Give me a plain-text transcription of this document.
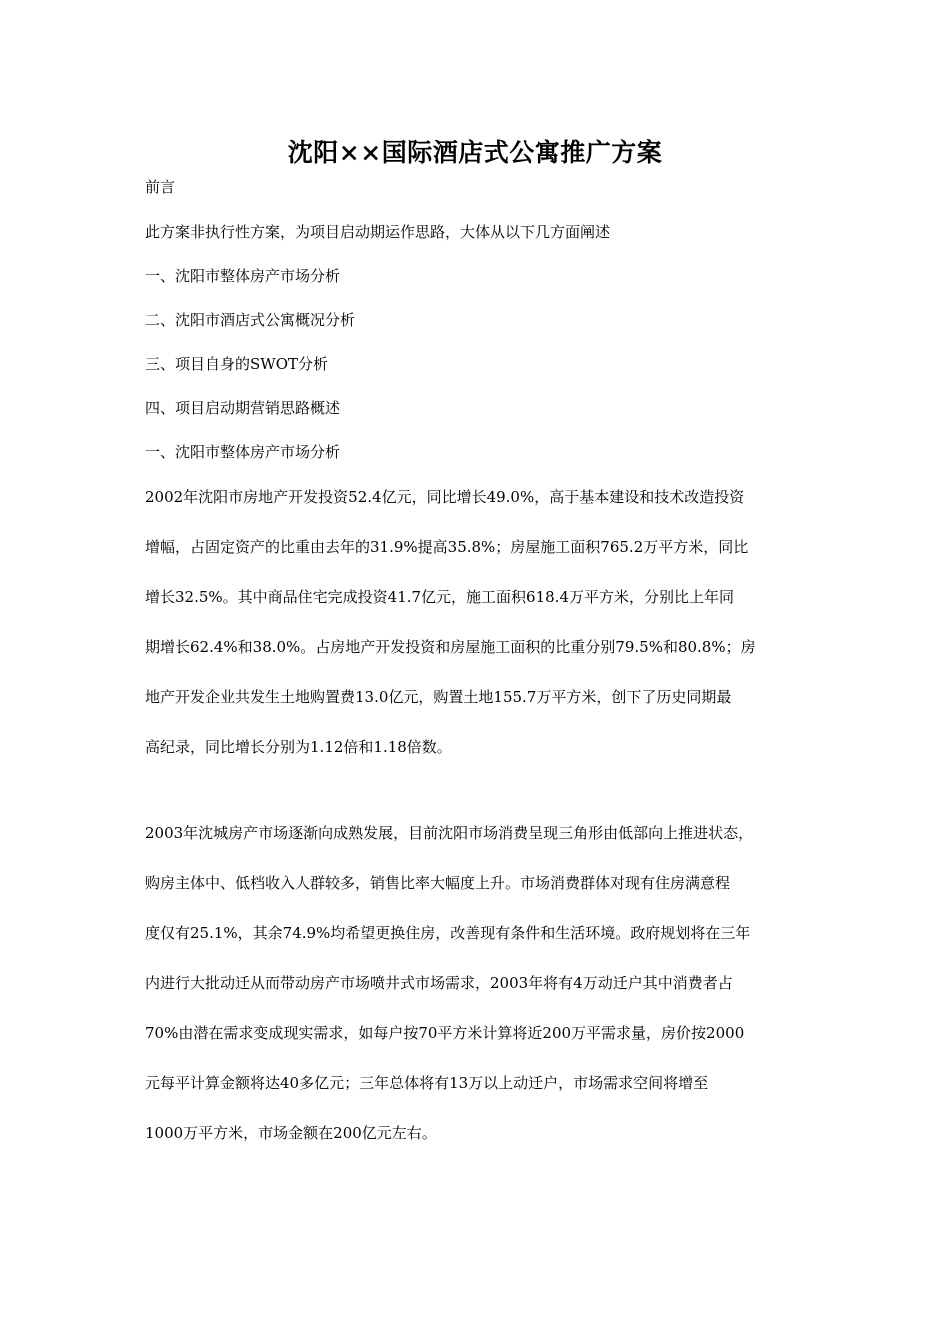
沈阳××国际酒店式公寓推广方案
前言
此方案非执行性方案，为项目启动期运作思路，大体从以下几方面阐述
一、沈阳市整体房产市场分析
二、沈阳市酒店式公寓概况分析
三、项目自身的SWOT分析
四、项目启动期营销思路概述
一、沈阳市整体房产市场分析
2002年沈阳市房地产开发投资52.4亿元，同比增长49.0%，高于基本建设和技术改造投资
增幅，占固定资产的比重由去年的31.9%提高35.8%；房屋施工面积765.2万平方米，同比
增长32.5%。其中商品住宅完成投资41.7亿元，施工面积618.4万平方米，分别比上年同
期增长62.4%和38.0%。占房地产开发投资和房屋施工面积的比重分别79.5%和80.8%；房
地产开发企业共发生土地购置费13.0亿元，购置土地155.7万平方米，创下了历史同期最
高纪录，同比增长分别为1.12倍和1.18倍数。
2003年沈城房产市场逐渐向成熟发展，目前沈阳市场消费呈现三角形由低部向上推进状态，
购房主体中、低档收入人群较多，销售比率大幅度上升。市场消费群体对现有住房满意程
度仅有25.1%，其余74.9%均希望更换住房，改善现有条件和生活环境。政府规划将在三年
内进行大批动迁从而带动房产市场喷井式市场需求，2003年将有4万动迁户其中消费者占
70%由潜在需求变成现实需求，如每户按70平方米计算将近200万平需求量，房价按2000
元每平计算金额将达40多亿元；三年总体将有13万以上动迁户，市场需求空间将增至
1000万平方米，市场金额在200亿元左右。
